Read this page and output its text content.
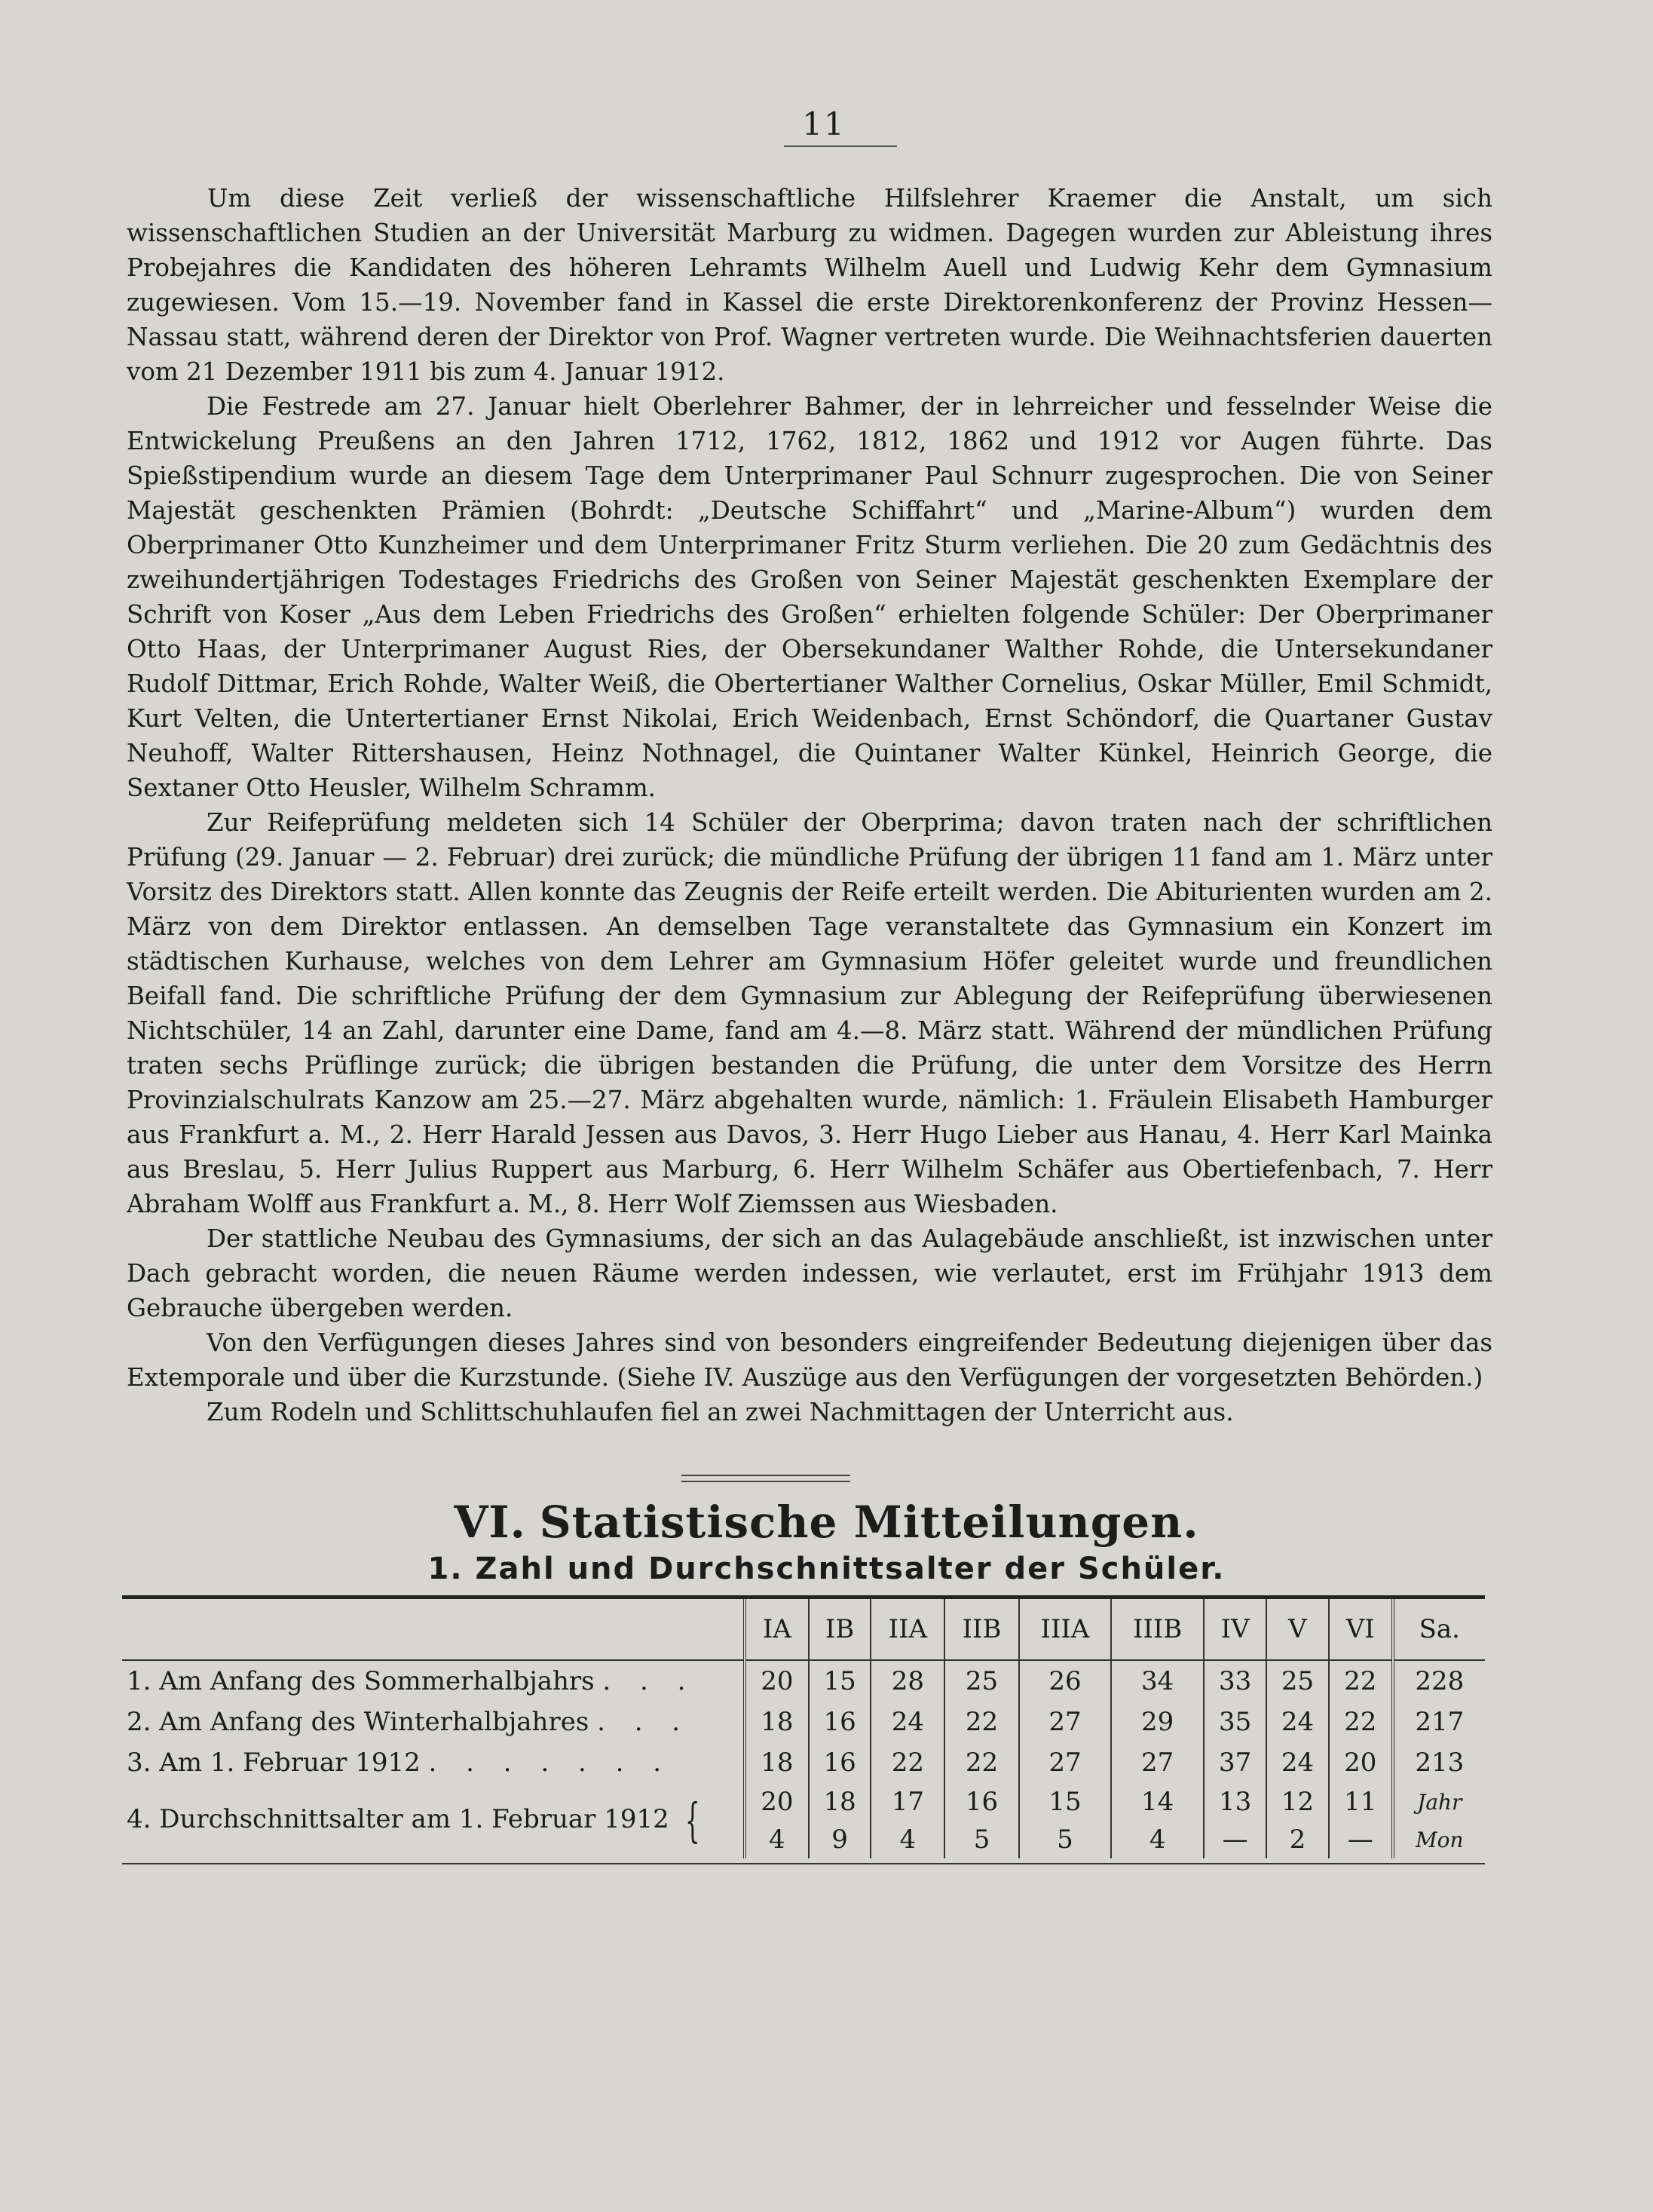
11

Um diese Zeit verließ der wissenschaftliche Hilfslehrer Kraemer die Anstalt, um sich wissenschaftlichen Studien an der Universität Marburg zu widmen. Dagegen wurden zur Ableistung ihres Probejahres die Kandidaten des höheren Lehramts Wilhelm Auell und Ludwig Kehr dem Gymnasium zugewiesen. Vom 15.—19. November fand in Kassel die erste Direktorenkonferenz der Provinz Hessen—Nassau statt, während deren der Direktor von Prof. Wagner vertreten wurde. Die Weihnachtsferien dauerten vom 21 Dezember 1911 bis zum 4. Januar 1912.

Die Festrede am 27. Januar hielt Oberlehrer Bahmer, der in lehrreicher und fesselnder Weise die Entwickelung Preußens an den Jahren 1712, 1762, 1812, 1862 und 1912 vor Augen führte. Das Spießstipendium wurde an diesem Tage dem Unterprimaner Paul Schnurr zugesprochen. Die von Seiner Majestät geschenkten Prämien (Bohrdt: „Deutsche Schiffahrt“ und „Marine-Album“) wurden dem Oberprimaner Otto Kunzheimer und dem Unterprimaner Fritz Sturm verliehen. Die 20 zum Gedächtnis des zweihundertjährigen Todestages Friedrichs des Großen von Seiner Majestät geschenkten Exemplare der Schrift von Koser „Aus dem Leben Friedrichs des Großen“ erhielten folgende Schüler: Der Oberprimaner Otto Haas, der Unterprimaner August Ries, der Obersekundaner Walther Rohde, die Untersekundaner Rudolf Dittmar, Erich Rohde, Walter Weiß, die Obertertianer Walther Cornelius, Oskar Müller, Emil Schmidt, Kurt Velten, die Untertertianer Ernst Nikolai, Erich Weidenbach, Ernst Schöndorf, die Quartaner Gustav Neuhoff, Walter Rittershausen, Heinz Nothnagel, die Quintaner Walter Künkel, Heinrich George, die Sextaner Otto Heusler, Wilhelm Schramm.

Zur Reifeprüfung meldeten sich 14 Schüler der Oberprima; davon traten nach der schriftlichen Prüfung (29. Januar — 2. Februar) drei zurück; die mündliche Prüfung der übrigen 11 fand am 1. März unter Vorsitz des Direktors statt. Allen konnte das Zeugnis der Reife erteilt werden. Die Abiturienten wurden am 2. März von dem Direktor entlassen. An demselben Tage veranstaltete das Gymnasium ein Konzert im städtischen Kurhause, welches von dem Lehrer am Gymnasium Höfer geleitet wurde und freundlichen Beifall fand. Die schriftliche Prüfung der dem Gymnasium zur Ablegung der Reifeprüfung überwiesenen Nichtschüler, 14 an Zahl, darunter eine Dame, fand am 4.—8. März statt. Während der mündlichen Prüfung traten sechs Prüflinge zurück; die übrigen bestanden die Prüfung, die unter dem Vorsitze des Herrn Provinzialschulrats Kanzow am 25.—27. März abgehalten wurde, nämlich: 1. Fräulein Elisabeth Hamburger aus Frankfurt a. M., 2. Herr Harald Jessen aus Davos, 3. Herr Hugo Lieber aus Hanau, 4. Herr Karl Mainka aus Breslau, 5. Herr Julius Ruppert aus Marburg, 6. Herr Wilhelm Schäfer aus Obertiefenbach, 7. Herr Abraham Wolff aus Frankfurt a. M., 8. Herr Wolf Ziemssen aus Wiesbaden.

Der stattliche Neubau des Gymnasiums, der sich an das Aulagebäude anschließt, ist inzwischen unter Dach gebracht worden, die neuen Räume werden indessen, wie verlautet, erst im Frühjahr 1913 dem Gebrauche übergeben werden.

Von den Verfügungen dieses Jahres sind von besonders eingreifender Bedeutung diejenigen über das Extemporale und über die Kurzstunde. (Siehe IV. Auszüge aus den Verfügungen der vorgesetzten Behörden.)

Zum Rodeln und Schlittschuhlaufen fiel an zwei Nachmittagen der Unterricht aus.

VI. Statistische Mitteilungen.
1. Zahl und Durchschnittsalter der Schüler.
	IA	IB	IIA	IIB	IIIA	IIIB	IV	V	VI	Sa.
1. Am Anfang des Sommerhalbjahrs . . .	20	15	28	25	26	34	33	25	22	228
2. Am Anfang des Winterhalbjahres . . .	18	16	24	22	27	29	35	24	22	217
3. Am 1. Februar 1912 . . . . . . .	18	16	22	22	27	27	37	24	20	213
4. Durchschnittsalter am 1. Februar 1912 {	20	18	17	16	15	14	13	12	11	Jahr
	4	9	4	5	5	4	—	2	—	Mon
